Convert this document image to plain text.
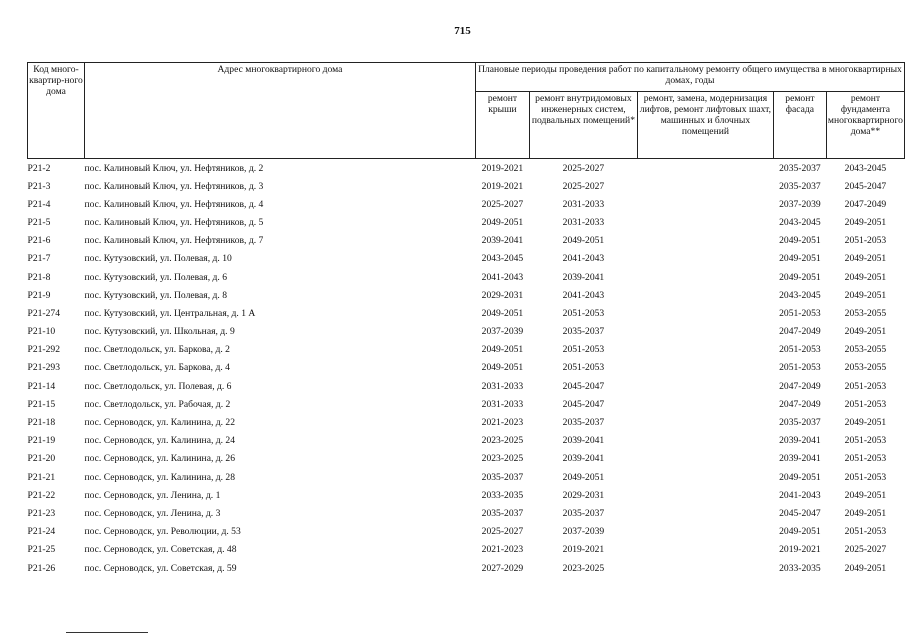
715
Код много-квартир-ного дома	Адрес многоквартирного дома	Плановые периоды проведения работ по капитальному ремонту общего имущества в многоквартирных домах, годы				
		ремонт крыши	ремонт внутридомовых инженерных систем, подвальных помещений*	ремонт, замена, модернизация лифтов, ремонт лифтовых шахт, машинных и блочных помещений	ремонт фасада	ремонт фундамента многоквартирного дома**
P21-2	пос. Калиновый Ключ, ул. Нефтяников, д. 2	2019-2021	2025-2027		2035-2037	2043-2045
P21-3	пос. Калиновый Ключ, ул. Нефтяников, д. 3	2019-2021	2025-2027		2035-2037	2045-2047
P21-4	пос. Калиновый Ключ, ул. Нефтяников, д. 4	2025-2027	2031-2033		2037-2039	2047-2049
P21-5	пос. Калиновый Ключ, ул. Нефтяников, д. 5	2049-2051	2031-2033		2043-2045	2049-2051
P21-6	пос. Калиновый Ключ, ул. Нефтяников, д. 7	2039-2041	2049-2051		2049-2051	2051-2053
P21-7	пос. Кутузовский, ул. Полевая, д. 10	2043-2045	2041-2043		2049-2051	2049-2051
P21-8	пос. Кутузовский, ул. Полевая, д. 6	2041-2043	2039-2041		2049-2051	2049-2051
P21-9	пос. Кутузовский, ул. Полевая, д. 8	2029-2031	2041-2043		2043-2045	2049-2051
P21-274	пос. Кутузовский, ул. Центральная, д. 1 А	2049-2051	2051-2053		2051-2053	2053-2055
P21-10	пос. Кутузовский, ул. Школьная, д. 9	2037-2039	2035-2037		2047-2049	2049-2051
P21-292	пос. Светлодольск, ул. Баркова, д. 2	2049-2051	2051-2053		2051-2053	2053-2055
P21-293	пос. Светлодольск, ул. Баркова, д. 4	2049-2051	2051-2053		2051-2053	2053-2055
P21-14	пос. Светлодольск, ул. Полевая, д. 6	2031-2033	2045-2047		2047-2049	2051-2053
P21-15	пос. Светлодольск, ул. Рабочая, д. 2	2031-2033	2045-2047		2047-2049	2051-2053
P21-18	пос. Серноводск, ул. Калинина, д. 22	2021-2023	2035-2037		2035-2037	2049-2051
P21-19	пос. Серноводск, ул. Калинина, д. 24	2023-2025	2039-2041		2039-2041	2051-2053
P21-20	пос. Серноводск, ул. Калинина, д. 26	2023-2025	2039-2041		2039-2041	2051-2053
P21-21	пос. Серноводск, ул. Калинина, д. 28	2035-2037	2049-2051		2049-2051	2051-2053
P21-22	пос. Серноводск, ул. Ленина, д. 1	2033-2035	2029-2031		2041-2043	2049-2051
P21-23	пос. Серноводск, ул. Ленина, д. 3	2035-2037	2035-2037		2045-2047	2049-2051
P21-24	пос. Серноводск, ул. Революции, д. 53	2025-2027	2037-2039		2049-2051	2051-2053
P21-25	пос. Серноводск, ул. Советская, д. 48	2021-2023	2019-2021		2019-2021	2025-2027
P21-26	пос. Серноводск, ул. Советская, д. 59	2027-2029	2023-2025		2033-2035	2049-2051
